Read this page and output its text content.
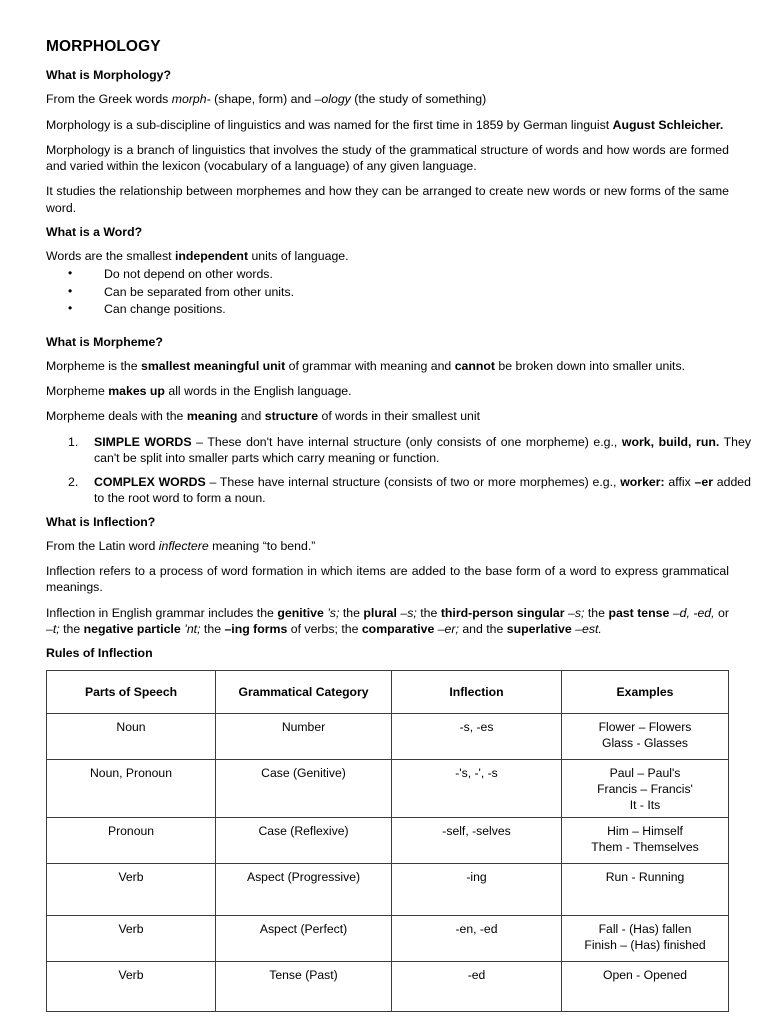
MORPHOLOGY
What is Morphology?

From the Greek words morph- (shape, form) and –ology (the study of something)

Morphology is a sub-discipline of linguistics and was named for the first time in 1859 by German linguist August Schleicher.

Morphology is a branch of linguistics that involves the study of the grammatical structure of words and how words are formed and varied within the lexicon (vocabulary of a language) of any given language.

It studies the relationship between morphemes and how they can be arranged to create new words or new forms of the same word.

What is a Word?

Words are the smallest independent units of language.

• Do not depend on other words.
• Can be separated from other units.
• Can change positions.
What is Morpheme?

Morpheme is the smallest meaningful unit of grammar with meaning and cannot be broken down into smaller units.

Morpheme makes up all words in the English language.

Morpheme deals with the meaning and structure of words in their smallest unit

SIMPLE WORDS – These don't have internal structure (only consists of one morpheme) e.g., work, build, run. They can't be split into smaller parts which carry meaning or function.
COMPLEX WORDS – These have internal structure (consists of two or more morphemes) e.g., worker: affix –er added to the root word to form a noun.
What is Inflection?

From the Latin word inflectere meaning “to bend.”

Inflection refers to a process of word formation in which items are added to the base form of a word to express grammatical meanings.

Inflection in English grammar includes the genitive ’s; the plural –s; the third-person singular –s; the past tense –d, -ed, or –t; the negative particle ’nt; the –ing forms of verbs; the comparative –er; and the superlative –est.

Rules of Inflection
Parts of Speech	Grammatical Category	Inflection	Examples
Noun	Number	-s, -es	Flower – Flowers
Glass - Glasses

Noun, Pronoun	Case (Genitive)	-'s, -', -s	Paul – Paul's
Francis – Francis'
It - Its

Pronoun	Case (Reflexive)	-self, -selves	Him – Himself
Them - Themselves

Verb	Aspect (Progressive)	-ing	Run - Running

Verb	Aspect (Perfect)	-en, -ed	Fall - (Has) fallen
Finish – (Has) finished

Verb	Tense (Past)	-ed	Open - Opened
